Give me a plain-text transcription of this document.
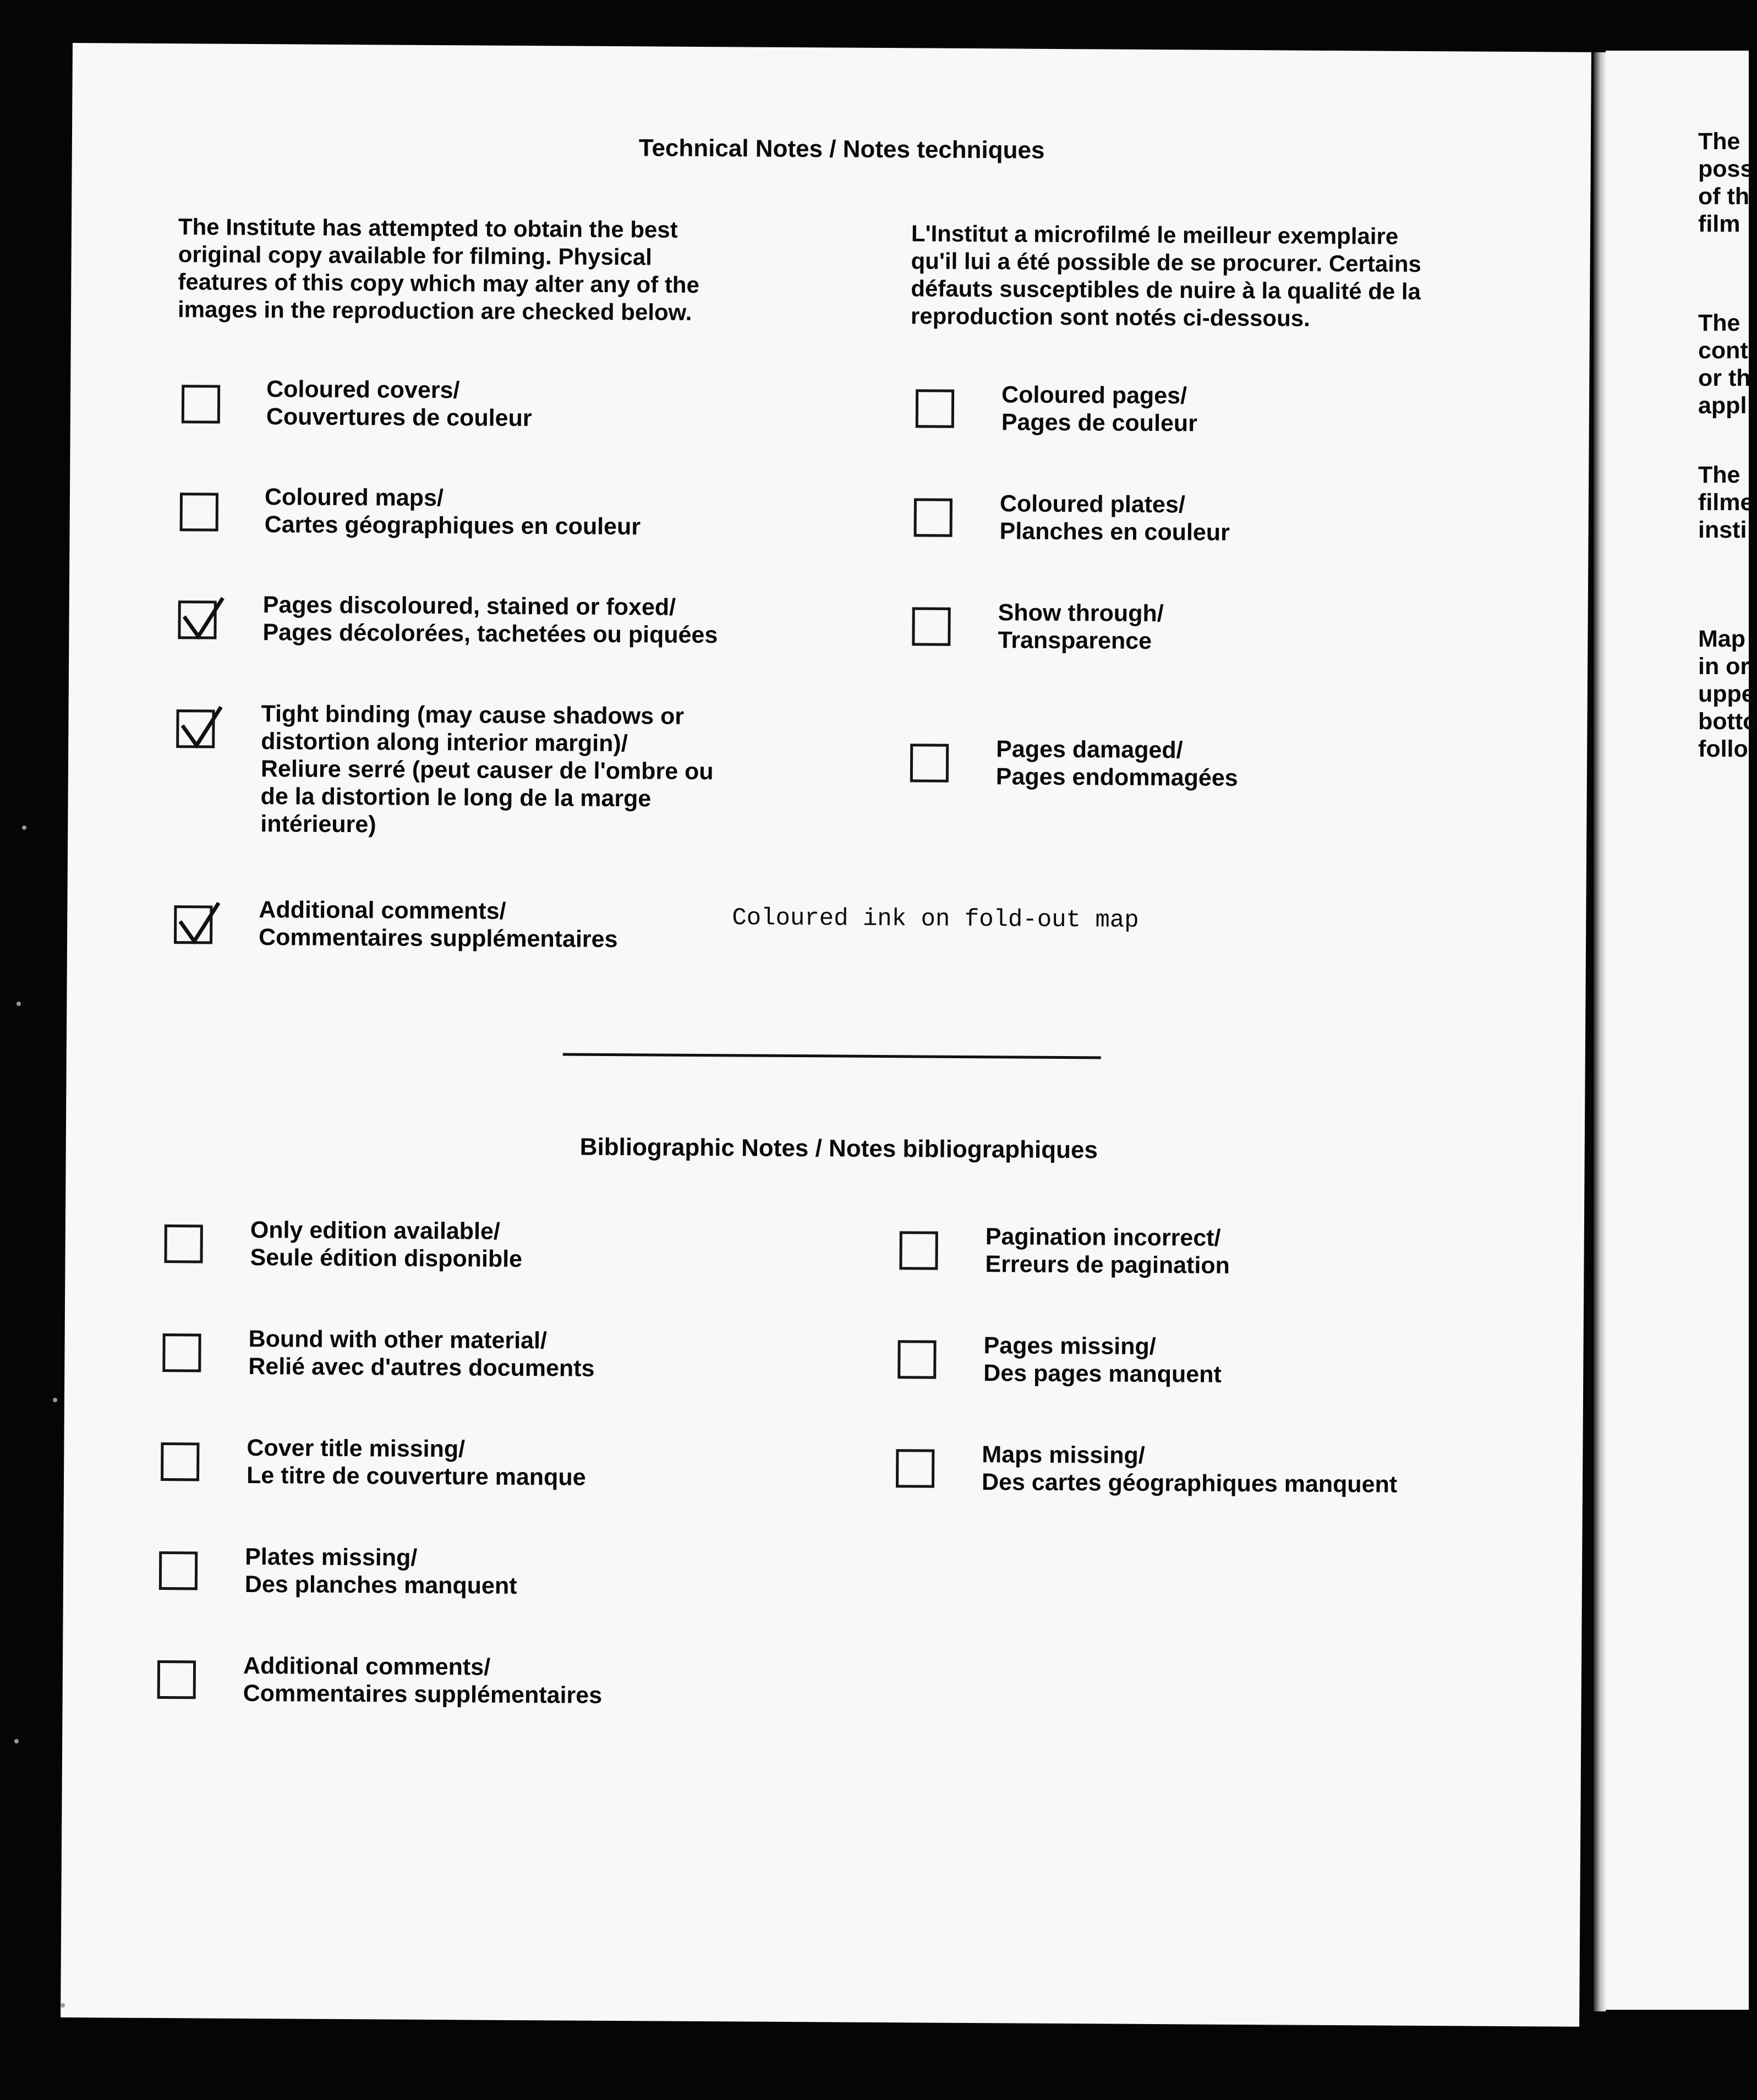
Technical Notes / Notes techniques
The Institute has attempted to obtain the best
original copy available for filming. Physical
features of this copy which may alter any of the
images in the reproduction are checked below.
L'Institut a microfilmé le meilleur exemplaire
qu'il lui a été possible de se procurer. Certains
défauts susceptibles de nuire à la qualité de la
reproduction sont notés ci-dessous.
Coloured covers/
Couvertures de couleur
Coloured maps/
Cartes géographiques en couleur
Pages discoloured, stained or foxed/
Pages décolorées, tachetées ou piquées
Tight binding (may cause shadows or
distortion along interior margin)/
Reliure serré (peut causer de l'ombre ou
de la distortion le long de la marge
intérieure)
Additional comments/
Commentaires supplémentaires
Coloured ink on fold-out map
Coloured pages/
Pages de couleur
Coloured plates/
Planches en couleur
Show through/
Transparence
Pages damaged/
Pages endommagées
Bibliographic Notes / Notes bibliographiques
Only edition available/
Seule édition disponible
Bound with other material/
Relié avec d'autres documents
Cover title missing/
Le titre de couverture manque
Plates missing/
Des planches manquent
Additional comments/
Commentaires supplémentaires
Pagination incorrect/
Erreurs de pagination
Pages missing/
Des pages manquent
Maps missing/
Des cartes géographiques manquent
The
poss
of th
film
The
cont
or th
appl
The
filme
insti
Map
in or
uppe
botto
follo
